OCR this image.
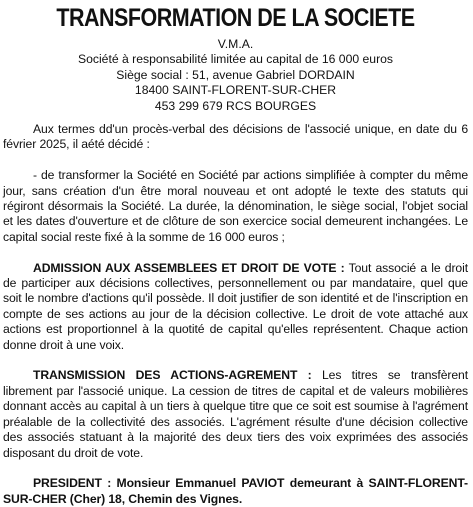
TRANSFORMATION DE LA SOCIETE
V.M.A.
Société à responsabilité limitée au capital de 16 000 euros
Siège social : 51, avenue Gabriel DORDAIN
18400 SAINT-FLORENT-SUR-CHER
453 299 679 RCS BOURGES

Aux termes dd'un procès-verbal des décisions de l'associé unique, en date du 6 février 2025, il aété décidé :

- de transformer la Société en Société par actions simplifiée à compter du même jour, sans création d'un être moral nouveau et ont adopté le texte des statuts qui régiront désormais la Société. La durée, la dénomination, le siège social, l'objet social et les dates d'ouverture et de clôture de son exercice social demeurent inchangées. Le capital social reste fixé à la somme de 16 000 euros ;

ADMISSION AUX ASSEMBLEES ET DROIT DE VOTE : Tout associé a le droit de participer aux décisions collectives, personnellement ou par mandataire, quel que soit le nombre d'actions qu'il possède. Il doit justifier de son identité et de l'inscription en compte de ses actions au jour de la décision collective. Le droit de vote attaché aux actions est proportionnel à la quotité de capital qu'elles représentent. Chaque action donne droit à une voix.

TRANSMISSION DES ACTIONS-AGREMENT : Les titres se transfèrent librement par l'associé unique. La cession de titres de capital et de valeurs mobilières donnant accès au capital à un tiers à quelque titre que ce soit est soumise à l'agrément préalable de la collectivité des associés. L'agrément résulte d'une décision collective des associés statuant à la majorité des deux tiers des voix exprimées des associés disposant du droit de vote.

PRESIDENT : Monsieur Emmanuel PAVIOT demeurant à SAINT-FLORENT-SUR-CHER (Cher) 18, Chemin des Vignes.
